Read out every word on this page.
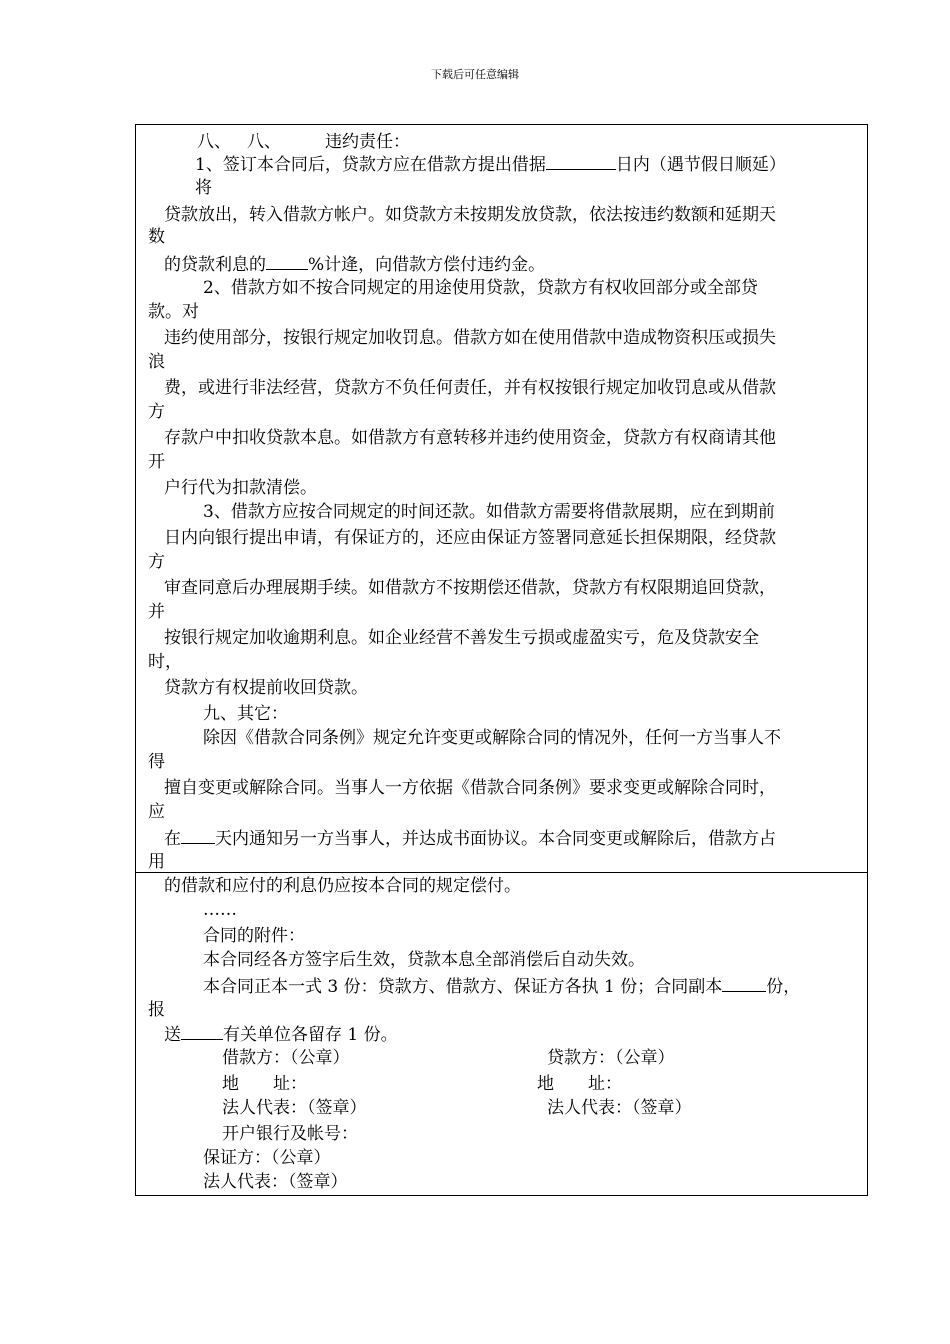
下载后可任意编辑
八、 八、	违约责任：
1、签订本合同后，贷款方应在借款方提出借据	日内（遇节假日顺延）
将
贷款放出，转入借款方帐户。如贷款方未按期发放贷款，依法按违约数额和延期天
数
的贷款利息的 %计逄，向借款方偿付违约金。
2、借款方如不按合同规定的用途使用贷款，贷款方有权收回部分或全部贷
款。对
违约使用部分，按银行规定加收罚息。借款方如在使用借款中造成物资积压或损失
浪
费，或进行非法经营，贷款方不负任何责任，并有权按银行规定加收罚息或从借款
方
存款户中扣收贷款本息。如借款方有意转移并违约使用资金，贷款方有权商请其他
开
户行代为扣款清偿。
3、借款方应按合同规定的时间还款。如借款方需要将借款展期，应在到期前
日内向银行提出申请，有保证方的，还应由保证方签署同意延长担保期限，经贷款
方
审查同意后办理展期手续。如借款方不按期偿还借款，贷款方有权限期追回贷款，
并
按银行规定加收逾期利息。如企业经营不善发生亏损或虚盈实亏，危及贷款安全
时，
贷款方有权提前收回贷款。
九、其它：
除因《借款合同条例》规定允许变更或解除合同的情况外，任何一方当事人不
得
擅自变更或解除合同。当事人一方依据《借款合同条例》要求变更或解除合同时，
应
在 天内通知另一方当事人，并达成书面协议。本合同变更或解除后，借款方占
用
的借款和应付的利息仍应按本合同的规定偿付。
……
合同的附件：
本合同经各方签字后生效，贷款本息全部消偿后自动失效。
本合同正本一式 3 份：贷款方、借款方、保证方各执 1 份；合同副本	份，
报
送 有关单位各留存 1 份。
借款方：（公章）	贷款方：（公章）
地　　址：	地　　址：
法人代表：（签章）	法人代表：（签章）
开户银行及帐号：
保证方：（公章）
法人代表：（签章）
